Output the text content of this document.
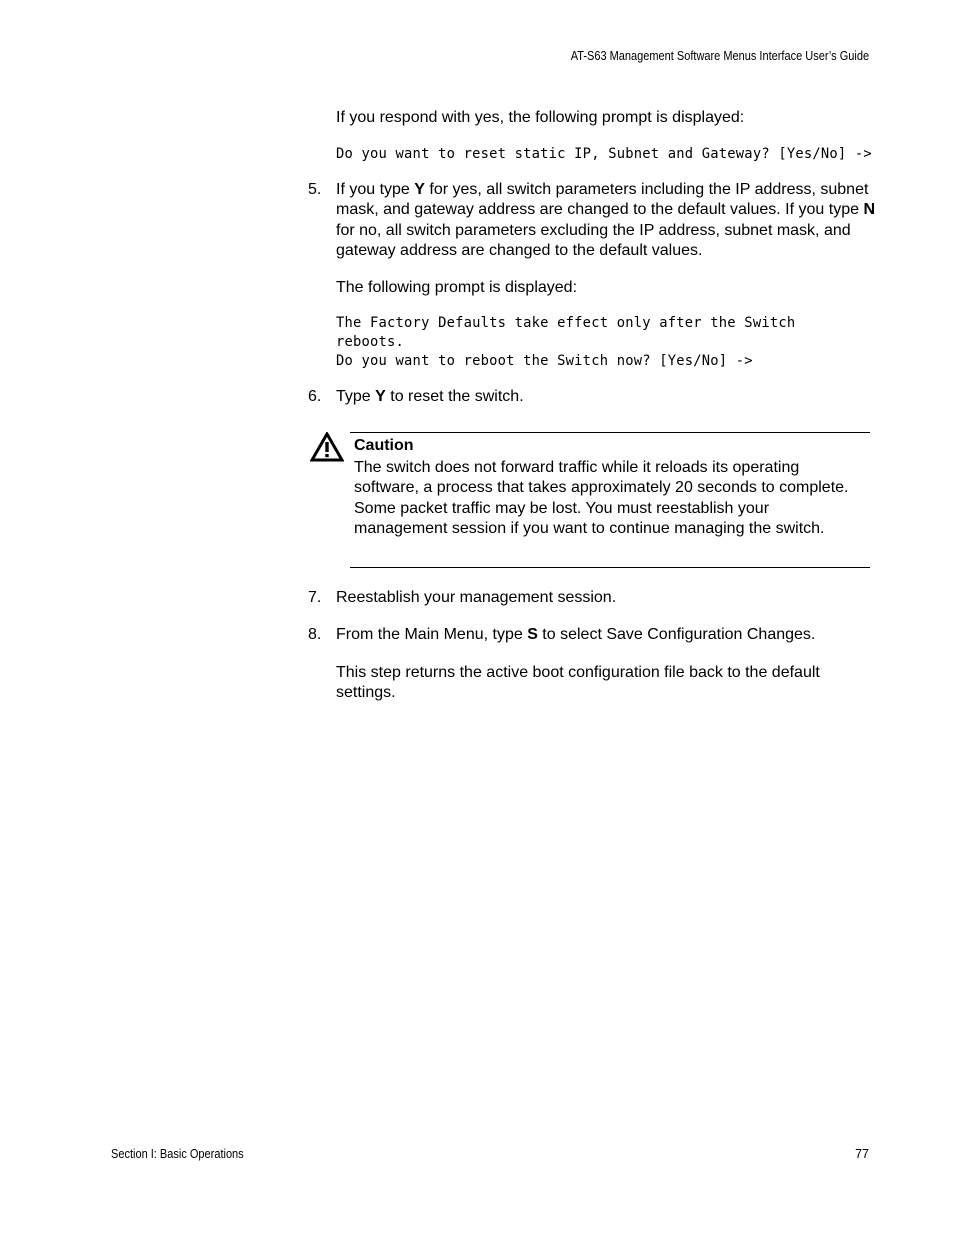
AT-S63 Management Software Menus Interface User’s Guide
If you respond with yes, the following prompt is displayed:
Do you want to reset static IP, Subnet and Gateway? [Yes/No] ->
5. If you type Y for yes, all switch parameters including the IP address, subnet mask, and gateway address are changed to the default values. If you type N for no, all switch parameters excluding the IP address, subnet mask, and gateway address are changed to the default values.
The following prompt is displayed:
The Factory Defaults take effect only after the Switch
reboots.
Do you want to reboot the Switch now? [Yes/No] ->
6. Type Y to reset the switch.
Caution
The switch does not forward traffic while it reloads its operating software, a process that takes approximately 20 seconds to complete. Some packet traffic may be lost. You must reestablish your management session if you want to continue managing the switch.
7. Reestablish your management session.
8. From the Main Menu, type S to select Save Configuration Changes.
This step returns the active boot configuration file back to the default settings.
Section I: Basic Operations	77
